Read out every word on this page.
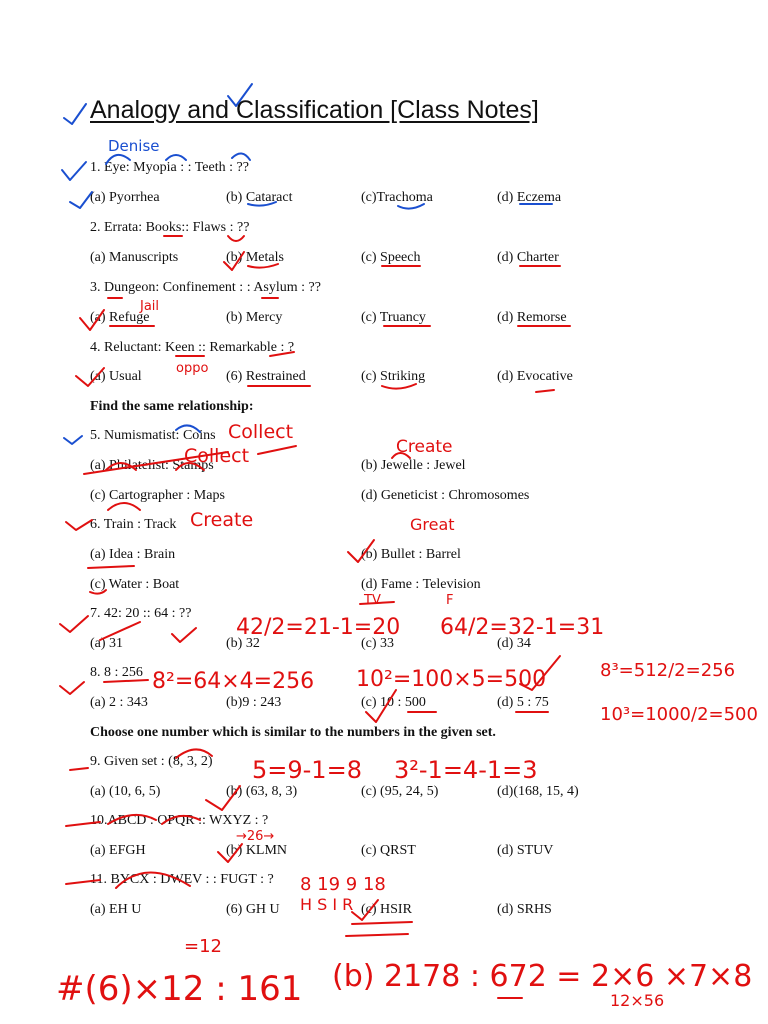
Analogy and Classification [Class Notes]
1. Eye: Myopia : : Teeth : ??
(a) Pyorrhea	(b) Cataract	(c)Trachoma	(d) Eczema
2. Errata: Books:: Flaws : ??
(a) Manuscripts	(b) Metals	(c) Speech	(d) Charter
3. Dungeon: Confinement : : Asylum : ??
(a) Refuge	(b) Mercy	(c) Truancy	(d) Remorse
4. Reluctant: Keen :: Remarkable : ?
(a) Usual	(6) Restrained	(c) Striking	(d) Evocative
Find the same relationship:
5. Numismatist: Coins
(a) Philatelist: Stamps	(b) Jewelle : Jewel
(c) Cartographer : Maps	(d) Geneticist : Chromosomes
6. Train : Track
(a) Idea : Brain	(b) Bullet : Barrel
(c) Water : Boat	(d) Fame : Television
7. 42: 20 :: 64 : ??
(a) 31	(b) 32	(c) 33	(d) 34
8. 8 : 256
(a) 2 : 343	(b)9 : 243	(c) 10 : 500	(d) 5 : 75
Choose one number which is similar to the numbers in the given set.
9. Given set : (8, 3, 2)
(a) (10, 6, 5)	(b) (63, 8, 3)	(c) (95, 24, 5)	(d)(168, 15, 4)
10.ABCD : OPQR :: WXYZ : ?
(a) EFGH	(b) KLMN	(c) QRST	(d) STUV
11. BYCX : DWEV : : FUGT : ?
(a) EH U	(6) GH U	(c) HSIR	(d) SRHS
Denise
Jail
oppo
Collect
Collect	Create
Create	Great
TV	F
42/2=21-1=20 64/2=32-1=31
8²=64×4=256 10²=100×5=500	8³=512/2=256
10³=1000/2=500
5=9-1=8 3²-1=4-1=3
→26→
8 19 9 18
H S I R
#(6)×12 : 161 (b) 2178 : 672 = 2×6 ×7×8
=12
12×56
